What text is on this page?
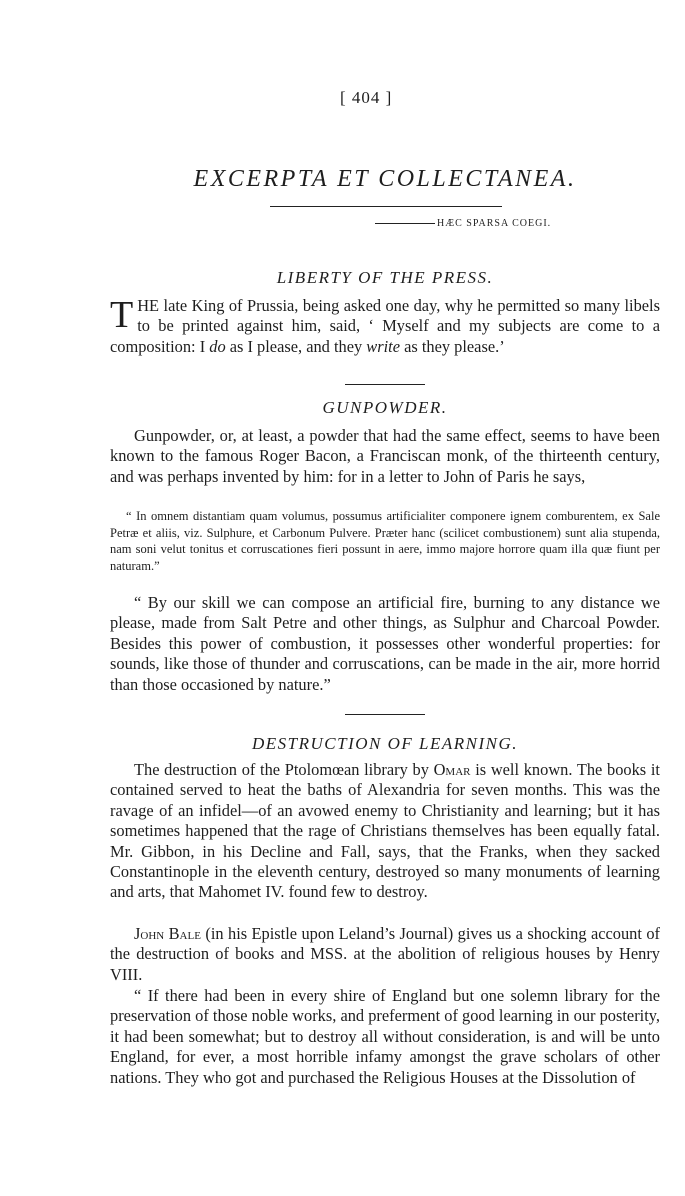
[ 404 ]
EXCERPTA ET COLLECTANEA.
HÆC SPARSA COEGI.
LIBERTY OF THE PRESS.

THE late King of Prussia, being asked one day, why he permitted so many libels to be printed against him, said, ‘ Myself and my subjects are come to a composition: I do as I please, and they write as they please.’

GUNPOWDER.

Gunpowder, or, at least, a powder that had the same effect, seems to have been known to the famous Roger Bacon, a Franciscan monk, of the thirteenth century, and was perhaps invented by him: for in a letter to John of Paris he says,

“ In omnem distantiam quam volumus, possumus artificialiter componere ignem comburentem, ex Sale Petræ et aliis, viz. Sulphure, et Carbonum Pulvere. Præter hanc (scilicet combustionem) sunt alia stupenda, nam soni velut tonitus et corruscationes fieri possunt in aere, immo majore horrore quam illa quæ fiunt per naturam.”

“ By our skill we can compose an artificial fire, burning to any distance we please, made from Salt Petre and other things, as Sulphur and Charcoal Powder. Besides this power of combustion, it possesses other wonderful properties: for sounds, like those of thunder and corruscations, can be made in the air, more horrid than those occasioned by nature.”

DESTRUCTION OF LEARNING.

The destruction of the Ptolomœan library by Omar is well known. The books it contained served to heat the baths of Alexandria for seven months. This was the ravage of an infidel—of an avowed enemy to Christianity and learning; but it has sometimes happened that the rage of Christians themselves has been equally fatal. Mr. Gibbon, in his Decline and Fall, says, that the Franks, when they sacked Constantinople in the eleventh century, destroyed so many monuments of learning and arts, that Mahomet IV. found few to destroy.

John Bale (in his Epistle upon Leland’s Journal) gives us a shocking account of the destruction of books and MSS. at the abolition of religious houses by Henry VIII.

“ If there had been in every shire of England but one solemn library for the preservation of those noble works, and preferment of good learning in our posterity, it had been somewhat; but to destroy all without consideration, is and will be unto England, for ever, a most horrible infamy amongst the grave scholars of other nations. They who got and purchased the Religious Houses at the Dissolution of
